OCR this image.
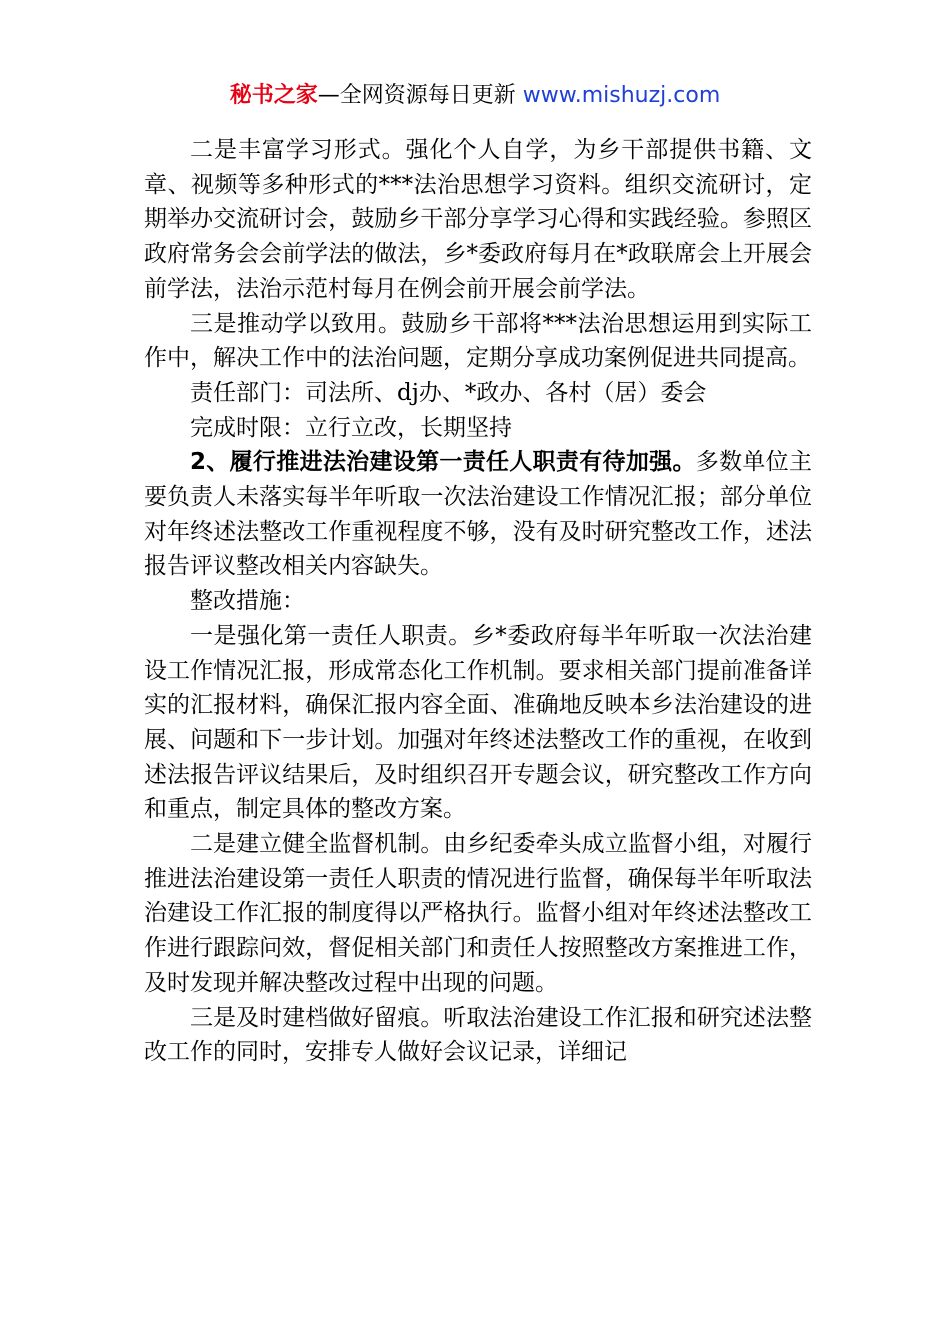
秘书之家—全网资源每日更新 www.mishuzj.com

二是丰富学习形式。强化个人自学，为乡干部提供书籍、文章、视频等多种形式的***法治思想学习资料。组织交流研讨，定期举办交流研讨会，鼓励乡干部分享学习心得和实践经验。参照区政府常务会会前学法的做法，乡*委政府每月在*政联席会上开展会前学法，法治示范村每月在例会前开展会前学法。

三是推动学以致用。鼓励乡干部将***法治思想运用到实际工作中，解决工作中的法治问题，定期分享成功案例促进共同提高。

责任部门：司法所、dj办、*政办、各村（居）委会

完成时限：立行立改，长期坚持

2、履行推进法治建设第一责任人职责有待加强。多数单位主要负责人未落实每半年听取一次法治建设工作情况汇报；部分单位对年终述法整改工作重视程度不够，没有及时研究整改工作，述法报告评议整改相关内容缺失。

整改措施：

一是强化第一责任人职责。乡*委政府每半年听取一次法治建设工作情况汇报，形成常态化工作机制。要求相关部门提前准备详实的汇报材料，确保汇报内容全面、准确地反映本乡法治建设的进展、问题和下一步计划。加强对年终述法整改工作的重视，在收到述法报告评议结果后，及时组织召开专题会议，研究整改工作方向和重点，制定具体的整改方案。

二是建立健全监督机制。由乡纪委牵头成立监督小组，对履行推进法治建设第一责任人职责的情况进行监督，确保每半年听取法治建设工作汇报的制度得以严格执行。监督小组对年终述法整改工作进行跟踪问效，督促相关部门和责任人按照整改方案推进工作，及时发现并解决整改过程中出现的问题。

三是及时建档做好留痕。听取法治建设工作汇报和研究述法整改工作的同时，安排专人做好会议记录，详细记
